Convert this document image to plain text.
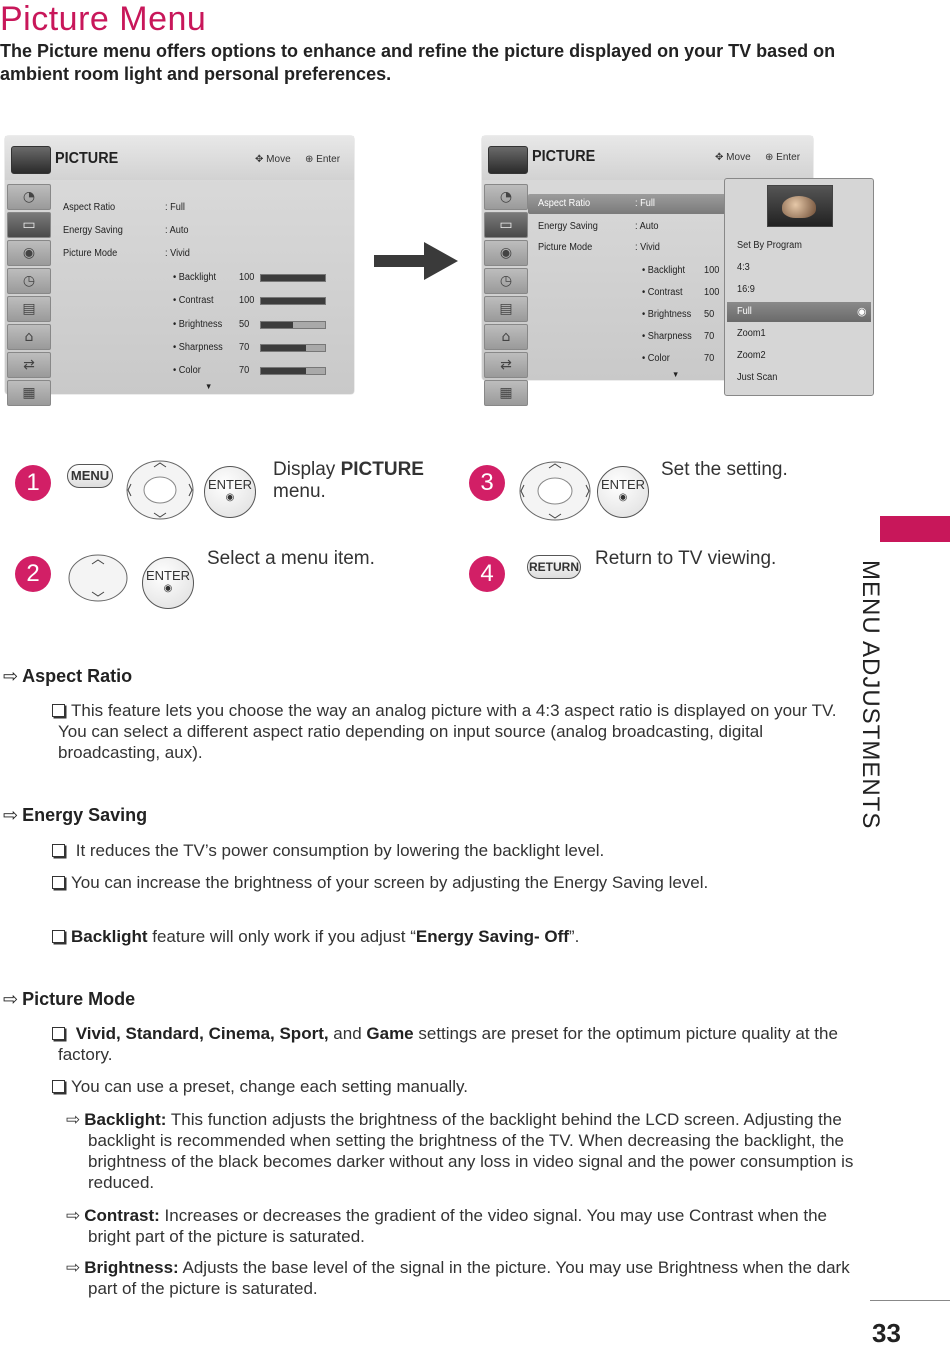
Picture Menu
The Picture menu offers options to enhance and refine the picture displayed on your TV based on ambient room light and personal preferences.
MENU ADJUSTMENTS
PICTURE	✥ Move ⊕ Enter
◔
▭
◉
◷
▤
⌂
⇄
▦
Aspect Ratio	: Full
Energy Saving	: Auto
Picture Mode	: Vivid
• Backlight 100
• Contrast	100
• Brightness 50
• Sharpness 70
• Color	70
▼
PICTURE	✥ Move ⊕ Enter
◔
▭
◉
◷
▤
⌂
⇄
▦
Aspect Ratio	: Full
Energy Saving	: Auto
Picture Mode	: Vivid
• Backlight 100
• Contrast 100
• Brightness 50
• Sharpness 70
• Color	70
▼
Set By Program
4:3
16:9
Full	◉
Zoom1
Zoom2
Just Scan
1	MENU
ENTER
◉
Display PICTURE
menu.	3	ENTER
◉
Set the setting.
2	ENTER
◉
Select a menu item.
4	RETURN Return to TV viewing.
⇨ Aspect Ratio
This feature lets you choose the way an analog picture with a 4:3 aspect ratio is displayed on your TV. You can select a different aspect ratio depending on input source (analog broadcasting, digital broadcasting, aux).
⇨ Energy Saving
It reduces the TV’s power consumption by lowering the backlight level.
You can increase the brightness of your screen by adjusting the Energy Saving level.
Backlight feature will only work if you adjust “Energy Saving- Off”.
⇨ Picture Mode
Vivid, Standard, Cinema, Sport, and Game settings are preset for the optimum picture quality at the factory.
You can use a preset, change each setting manually.
⇨ Backlight: This function adjusts the brightness of the backlight behind the LCD screen. Adjusting the backlight is recommended when setting the brightness of the TV. When decreasing the backlight, the brightness of the black becomes darker without any loss in video signal and the power consumption is reduced.
⇨ Contrast: Increases or decreases the gradient of the video signal. You may use Contrast when the bright part of the picture is saturated.
⇨ Brightness: Adjusts the base level of the signal in the picture. You may use Brightness when the dark part of the picture is saturated.
33
